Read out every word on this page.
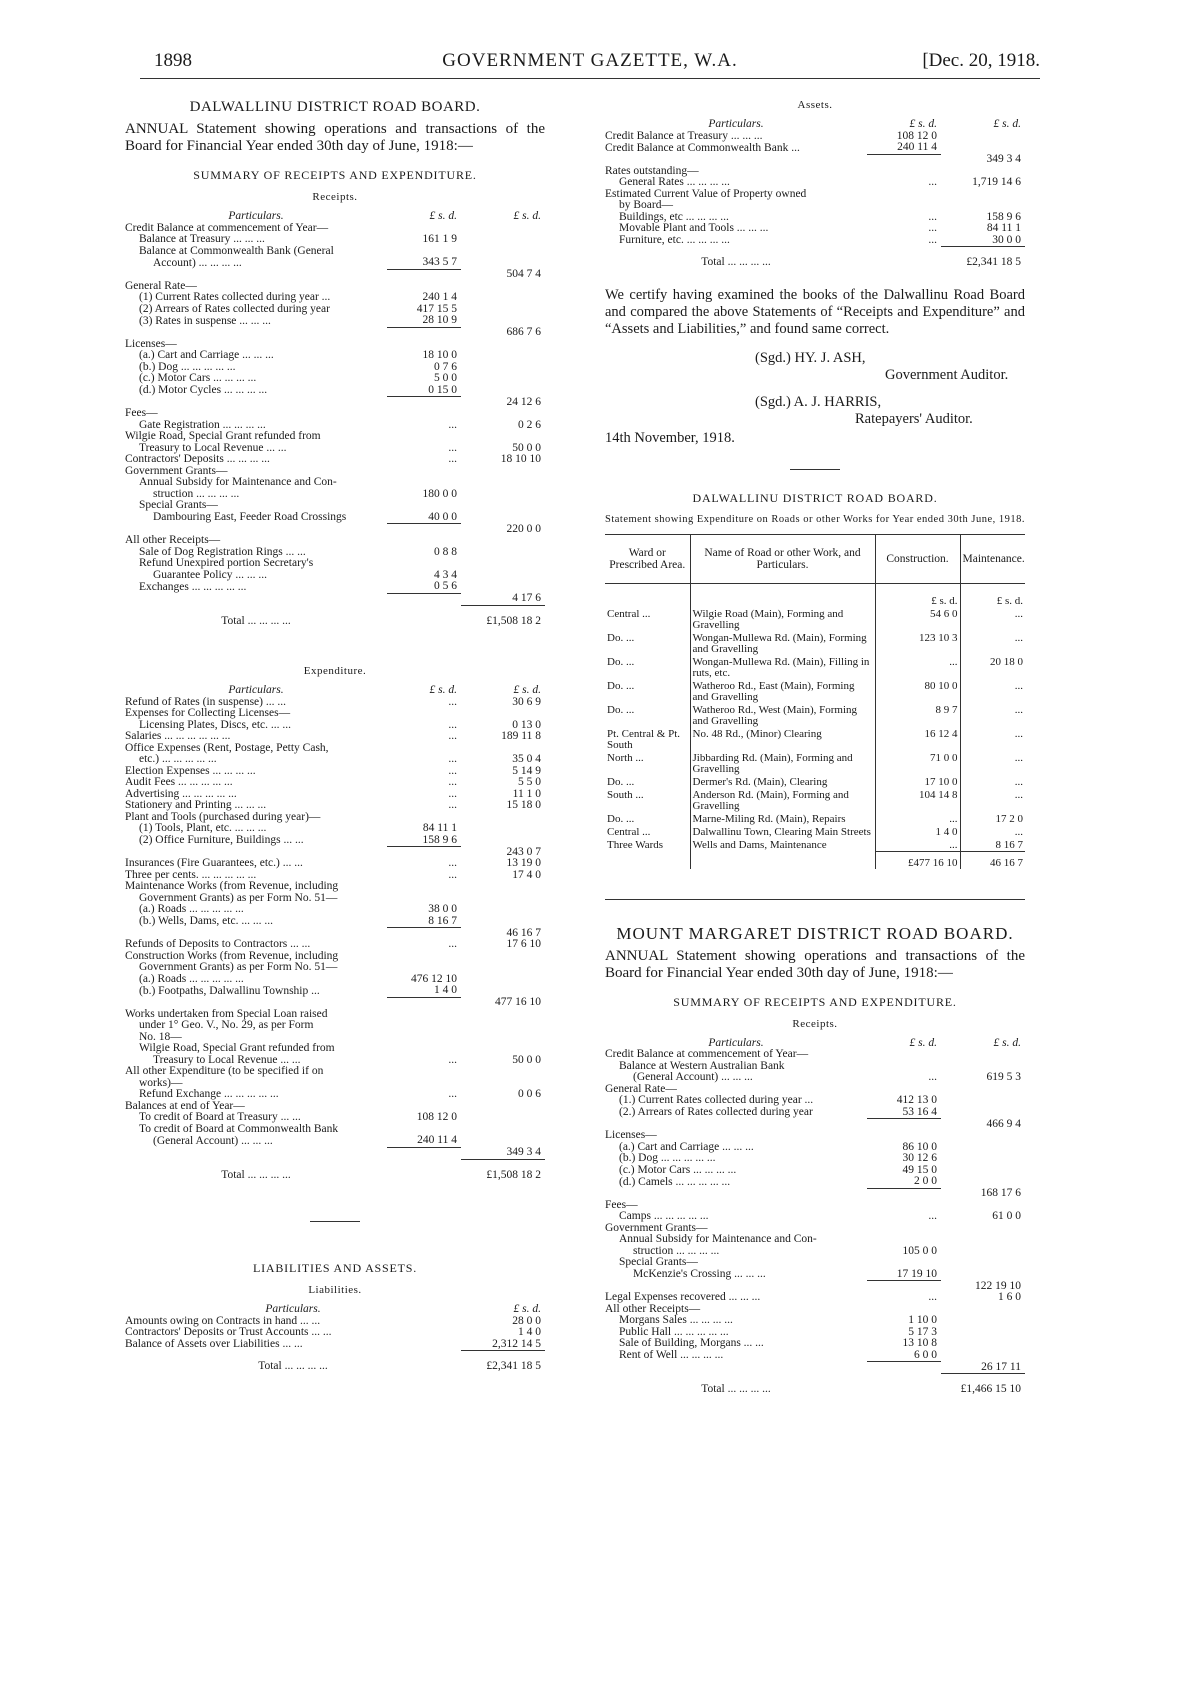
1898	GOVERNMENT GAZETTE, W.A.	[Dec. 20, 1918.
DALWALLINU DISTRICT ROAD BOARD.
ANNUAL Statement showing operations and transactions of the Board for Financial Year ended 30th day of June, 1918:—
SUMMARY OF RECEIPTS AND EXPENDITURE.
Receipts.
Particulars.	£ s. d.	£ s. d.
Credit Balance at commencement of Year—		
Balance at Treasury ... ... ...	161 1 9	
Balance at Commonwealth Bank (General		
Account) ... ... ... ...	343 5 7	
		504 7 4
General Rate—		
(1) Current Rates collected during year ...	240 1 4	
(2) Arrears of Rates collected during year	417 15 5	
(3) Rates in suspense ... ... ...	28 10 9	
		686 7 6
Licenses—		
(a.) Cart and Carriage ... ... ...	18 10 0	
(b.) Dog ... ... ... ... ...	0 7 6	
(c.) Motor Cars ... ... ... ...	5 0 0	
(d.) Motor Cycles ... ... ... ...	0 15 0	
		24 12 6
Fees—		
Gate Registration ... ... ... ...	...	0 2 6
Wilgie Road, Special Grant refunded from		
Treasury to Local Revenue ... ...	...	50 0 0
Contractors' Deposits ... ... ... ...	...	18 10 10
Government Grants—		
Annual Subsidy for Maintenance and Con-		
struction ... ... ... ...	180 0 0	
Special Grants—		
Dambouring East, Feeder Road Crossings	40 0 0	
		220 0 0
All other Receipts—		
Sale of Dog Registration Rings ... ...	0 8 8	
Refund Unexpired portion Secretary's		
Guarantee Policy ... ... ...	4 3 4	
Exchanges ... ... ... ... ...	0 5 6	
		4 17 6
Total ... ... ... ...		£1,508 18 2
Expenditure.
Particulars.	£ s. d.	£ s. d.
Refund of Rates (in suspense) ... ...	...	30 6 9
Expenses for Collecting Licenses—		
Licensing Plates, Discs, etc. ... ...	...	0 13 0
Salaries ... ... ... ... ... ...	...	189 11 8
Office Expenses (Rent, Postage, Petty Cash,		
etc.) ... ... ... ... ...	...	35 0 4
Election Expenses ... ... ... ...	...	5 14 9
Audit Fees ... ... ... ... ...	...	5 5 0
Advertising ... ... ... ... ...	...	11 1 0
Stationery and Printing ... ... ...	...	15 18 0
Plant and Tools (purchased during year)—		
(1) Tools, Plant, etc. ... ... ...	84 11 1	
(2) Office Furniture, Buildings ... ...	158 9 6	
		243 0 7
Insurances (Fire Guarantees, etc.) ... ...	...	13 19 0
Three per cents. ... ... ... ... ...	...	17 4 0
Maintenance Works (from Revenue, including		
Government Grants) as per Form No. 51—		
(a.) Roads ... ... ... ... ...	38 0 0	
(b.) Wells, Dams, etc. ... ... ...	8 16 7	
		46 16 7
Refunds of Deposits to Contractors ... ...	...	17 6 10
Construction Works (from Revenue, including		
Government Grants) as per Form No. 51—		
(a.) Roads ... ... ... ... ...	476 12 10	
(b.) Footpaths, Dalwallinu Township ...	1 4 0	
		477 16 10
Works undertaken from Special Loan raised		
under 1° Geo. V., No. 29, as per Form		
No. 18—		
Wilgie Road, Special Grant refunded from		
Treasury to Local Revenue ... ...	...	50 0 0
All other Expenditure (to be specified if on		
works)—		
Refund Exchange ... ... ... ... ...	...	0 0 6
Balances at end of Year—		
To credit of Board at Treasury ... ...	108 12 0	
To credit of Board at Commonwealth Bank		
(General Account) ... ... ...	240 11 4	
		349 3 4
Total ... ... ... ...		£1,508 18 2
LIABILITIES AND ASSETS.
Liabilities.
Particulars.	£ s. d.
Amounts owing on Contracts in hand ... ...	28 0 0
Contractors' Deposits or Trust Accounts ... ...	1 4 0
Balance of Assets over Liabilities ... ...	2,312 14 5
Total ... ... ... ...	£2,341 18 5
Assets.
Particulars.	£ s. d.	£ s. d.
Credit Balance at Treasury ... ... ...	108 12 0	
Credit Balance at Commonwealth Bank ...	240 11 4	
		349 3 4
Rates outstanding—		
General Rates ... ... ... ...	...	1,719 14 6
Estimated Current Value of Property owned		
by Board—		
Buildings, etc ... ... ... ...	...	158 9 6
Movable Plant and Tools ... ... ...	...	84 11 1
Furniture, etc. ... ... ... ...	...	30 0 0
Total ... ... ... ...		£2,341 18 5
We certify having examined the books of the Dalwallinu Road Board and compared the above Statements of “Receipts and Expenditure” and “Assets and Liabilities,” and found same correct.
(Sgd.) HY. J. ASH,
Government Auditor.
(Sgd.) A. J. HARRIS,
Ratepayers' Auditor.
14th November, 1918.
DALWALLINU DISTRICT ROAD BOARD.
Statement showing Expenditure on Roads or other Works for Year ended 30th June, 1918.
Ward or Prescribed Area.	Name of Road or other Work, and Particulars.	Construction.	Maintenance.
		£ s. d.	£ s. d.
Central ...	Wilgie Road (Main), Forming and Gravelling	54 6 0	...
Do. ...	Wongan-Mullewa Rd. (Main), Forming and Gravelling	123 10 3	...
Do. ...	Wongan-Mullewa Rd. (Main), Filling in ruts, etc.	...	20 18 0
Do. ...	Watheroo Rd., East (Main), Forming and Gravelling	80 10 0	...
Do. ...	Watheroo Rd., West (Main), Forming and Gravelling	8 9 7	...
Pt. Central & Pt. South	No. 48 Rd., (Minor) Clearing	16 12 4	...
North ...	Jibbarding Rd. (Main), Forming and Gravelling	71 0 0	...
Do. ...	Dermer's Rd. (Main), Clearing	17 10 0	...
South ...	Anderson Rd. (Main), Forming and Gravelling	104 14 8	...
Do. ...	Marne-Miling Rd. (Main), Repairs	...	17 2 0
Central ...	Dalwallinu Town, Clearing Main Streets	1 4 0	...
Three Wards	Wells and Dams, Maintenance	...	8 16 7
		£477 16 10	46 16 7
MOUNT MARGARET DISTRICT ROAD BOARD.
ANNUAL Statement showing operations and transactions of the Board for Financial Year ended 30th day of June, 1918:—
SUMMARY OF RECEIPTS AND EXPENDITURE.
Receipts.
Particulars.	£ s. d.	£ s. d.
Credit Balance at commencement of Year—		
Balance at Western Australian Bank		
(General Account) ... ... ...	...	619 5 3
General Rate—		
(1.) Current Rates collected during year ...	412 13 0	
(2.) Arrears of Rates collected during year	53 16 4	
		466 9 4
Licenses—		
(a.) Cart and Carriage ... ... ...	86 10 0	
(b.) Dog ... ... ... ... ...	30 12 6	
(c.) Motor Cars ... ... ... ...	49 15 0	
(d.) Camels ... ... ... ... ...	2 0 0	
		168 17 6
Fees—		
Camps ... ... ... ... ...	...	61 0 0
Government Grants—		
Annual Subsidy for Maintenance and Con-		
struction ... ... ... ...	105 0 0	
Special Grants—		
McKenzie's Crossing ... ... ...	17 19 10	
		122 19 10
Legal Expenses recovered ... ... ...	...	1 6 0
All other Receipts—		
Morgans Sales ... ... ... ...	1 10 0	
Public Hall ... ... ... ... ...	5 17 3	
Sale of Building, Morgans ... ...	13 10 8	
Rent of Well ... ... ... ...	6 0 0	
		26 17 11
Total ... ... ... ...		£1,466 15 10
